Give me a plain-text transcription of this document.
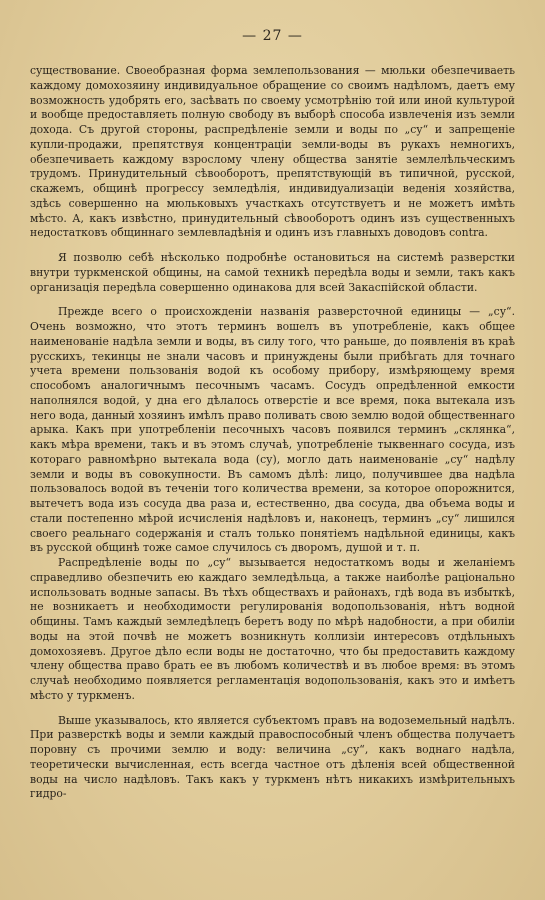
— 27 —

существование. Своеобразная форма землепользования — мюльки обезпечиваеть каждому домохозяину индивидуальное обращение со своимъ надѣломъ, даетъ ему возможность удобрять его, засѣвать по своему усмотрѣнію той или иной культурой и вообще предоставляеть полную свободу въ выборѣ способа извлеченія изъ земли дохода. Съ другой стороны, распредѣленіе земли и воды по „су“ и запрещеніе купли-продажи, препятствуя концентраціи земли-воды въ рукахъ немногихъ, обезпечиваеть каждому взрослому члену общества занятіе землелѣльческимъ трудомъ. Принудительный сѣвооборотъ, препятствующій въ типичной, русской, скажемъ, общинѣ прогрессу земледѣлія, индивидуализаціи веденія хозяйства, здѣсь совершенно на мюльковыхъ участкахъ отсутствуетъ и не можетъ имѣть мѣсто. А, какъ извѣстно, принудительный сѣвооборотъ одинъ изъ существенныхъ недостатковъ общиннаго землевладѣнія и одинъ изъ главныхъ доводовъ contra.

Я позволю себѣ нѣсколько подробнѣе остановиться на системѣ разверстки внутри туркменской общины, на самой техникѣ передѣла воды и земли, такъ какъ организація передѣла совершенно одинакова для всей Закаспійской области.

Прежде всего о происхожденіи названія разверсточной единицы — „су“. Очень возможно, что этотъ терминъ вошелъ въ употребленіе, какъ общее наименованіе надѣла земли и воды, въ силу того, что раньше, до появленія въ краѣ русскихъ, текинцы не знали часовъ и принуждены были прибѣгать для точнаго учета времени пользованія водой къ особому прибору, измѣряющему время способомъ аналогичнымъ песочнымъ часамъ. Сосудъ опредѣленной емкости наполнялся водой, у дна его дѣлалось отверстіе и все время, пока вытекала изъ него вода, данный хозяинъ имѣлъ право поливать свою землю водой общественнаго арыка. Какъ при употребленіи песочныхъ часовъ появился терминъ „склянка“, какъ мѣра времени, такъ и въ этомъ случаѣ, употребленіе тыквеннаго сосуда, изъ котораго равномѣрно вытекала вода (су), могло дать наименованіе „су“ надѣлу земли и воды въ совокупности. Въ самомъ дѣлѣ: лицо, получившее два надѣла пользовалось водой въ теченіи того количества времени, за которое опорожнится, вытечетъ вода изъ сосуда два раза и, естественно, два сосуда, два объема воды и стали постепенно мѣрой исчисленія надѣловъ и, наконецъ, терминъ „су“ лишился своего реальнаго содержанія и сталъ только понятіемъ надѣльной единицы, какъ въ русской общинѣ тоже самое случилось съ дворомъ, душой и т. п.

Распредѣленіе воды по „су“ вызывается недостаткомъ воды и желаніемъ справедливо обезпечить ею каждаго земледѣльца, а также наиболѣе раціонально использовать водные запасы. Въ тѣхъ обществахъ и районахъ, гдѣ вода въ избыткѣ, не возникаетъ и необходимости регулированія водопользованія, нѣтъ водной общины. Тамъ каждый земледѣлецъ беретъ воду по мѣрѣ надобности, а при обиліи воды на этой почвѣ не можетъ возникнуть коллизіи интересовъ отдѣльныхъ домохозяевъ. Другое дѣло если воды не достаточно, что бы предоставить каждому члену общества право брать ее въ любомъ количествѣ и въ любое время: въ этомъ случаѣ необходимо появляется регламентація водопользованія, какъ это и имѣетъ мѣсто у туркменъ.

Выше указывалось, кто является субъектомъ правъ на водоземельный надѣлъ. При разверсткѣ воды и земли каждый правоспособный членъ общества получаетъ поровну съ прочими землю и воду: величина „су“, какъ воднаго надѣла, теоретически вычисленная, есть всегда частное отъ дѣленія всей общественной воды на число надѣловъ. Такъ какъ у туркменъ нѣтъ никакихъ измѣрительныхъ гидро-
